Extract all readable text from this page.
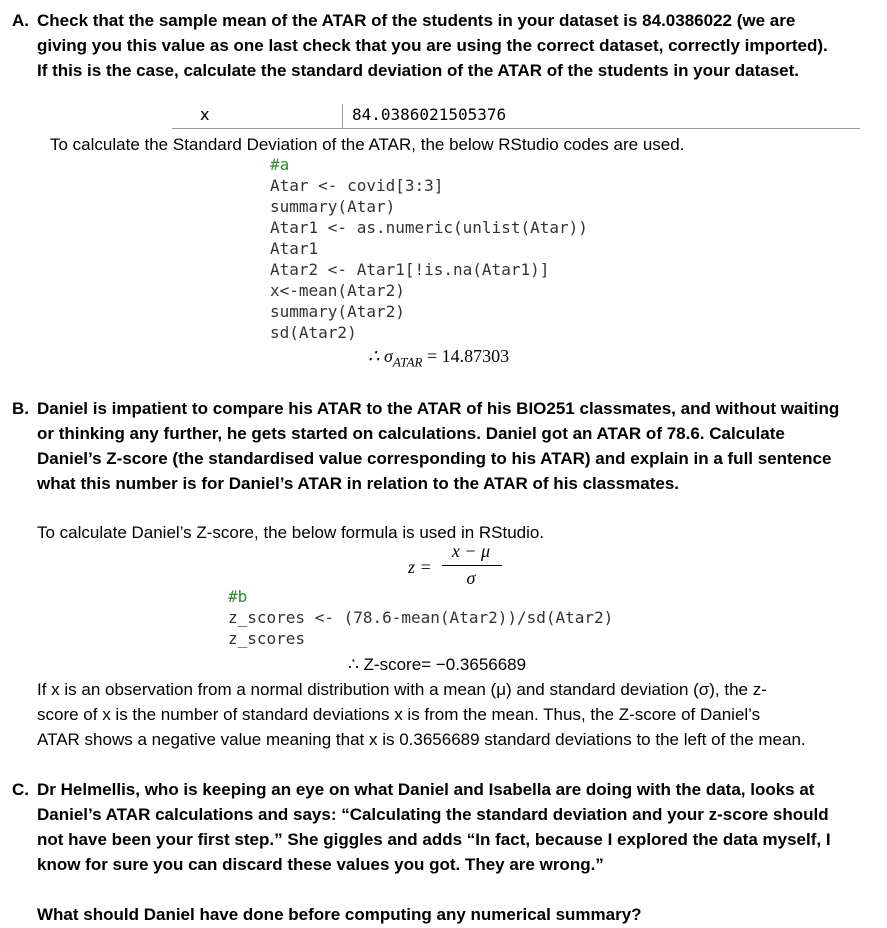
A. Check that the sample mean of the ATAR of the students in your dataset is 84.0386022 (we are
giving you this value as one last check that you are using the correct dataset, correctly imported).
If this is the case, calculate the standard deviation of the ATAR of the students in your dataset.
x	84.0386021505376
To calculate the Standard Deviation of the ATAR, the below RStudio codes are used.
#a
Atar <- covid[3:3]
summary(Atar)
Atar1 <- as.numeric(unlist(Atar))
Atar1
Atar2 <- Atar1[!is.na(Atar1)]
x<-mean(Atar2)
summary(Atar2)
sd(Atar2)
∴ $\sigma_{ATAR} = 14.87303$
B. Daniel is impatient to compare his ATAR to the ATAR of his BIO251 classmates, and without waiting
or thinking any further, he gets started on calculations. Daniel got an ATAR of 78.6. Calculate
Daniel’s Z-score (the standardised value corresponding to his ATAR) and explain in a full sentence
what this number is for Daniel’s ATAR in relation to the ATAR of his classmates.
To calculate Daniel’s Z-score, the below formula is used in RStudio.
z =
x − μ
σ
#b
z_scores <- (78.6-mean(Atar2))/sd(Atar2)
z_scores
∴ Z-score= −0.3656689
If x is an observation from a normal distribution with a mean (μ) and standard deviation (σ), the z-
score of x is the number of standard deviations x is from the mean. Thus, the Z-score of Daniel’s
ATAR shows a negative value meaning that x is 0.3656689 standard deviations to the left of the mean.
C. Dr Helmellis, who is keeping an eye on what Daniel and Isabella are doing with the data, looks at
Daniel’s ATAR calculations and says: “Calculating the standard deviation and your z-score should
not have been your first step.” She giggles and adds “In fact, because I explored the data myself, I
know for sure you can discard these values you got. They are wrong.”
What should Daniel have done before computing any numerical summary?
